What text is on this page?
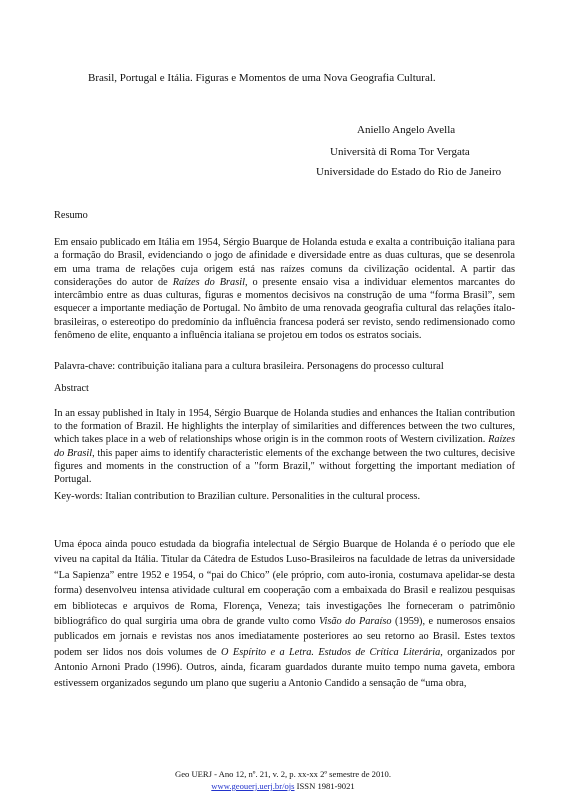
Brasil, Portugal e Itália. Figuras e Momentos de uma Nova Geografia Cultural.
Aniello Angelo Avella
Università di Roma Tor Vergata
Universidade do Estado do Rio de Janeiro
Resumo
Em ensaio publicado em Itália em 1954, Sérgio Buarque de Holanda estuda e exalta a contribuição italiana para a formação do Brasil, evidenciando o jogo de afinidade e diversidade entre as duas culturas, que se desenrola em uma trama de relações cuja origem está nas raízes comuns da civilização ocidental. A partir das considerações do autor de Raízes do Brasil, o presente ensaio visa a individuar elementos marcantes do intercâmbio entre as duas culturas, figuras e momentos decisivos na construção de uma “forma Brasil”, sem esquecer a importante mediação de Portugal. No âmbito de uma renovada geografia cultural das relações ítalo-brasileiras, o estereotipo do predomínio da influência francesa poderá ser revisto, sendo redimensionado como fenômeno de elite, enquanto a influência italiana se projetou em todos os estratos sociais.
Palavra-chave: contribuição italiana para a cultura brasileira. Personagens do processo cultural
Abstract
In an essay published in Italy in 1954, Sérgio Buarque de Holanda studies and enhances the Italian contribution to the formation of Brazil. He highlights the interplay of similarities and differences between the two cultures, which takes place in a web of relationships whose origin is in the common roots of Western civilization. Raízes do Brasil, this paper aims to identify characteristic elements of the exchange between the two cultures, decisive figures and moments in the construction of a "form Brazil," without forgetting the important mediation of Portugal.
Key-words: Italian contribution to Brazilian culture. Personalities in the cultural process.
Uma época ainda pouco estudada da biografia intelectual de Sérgio Buarque de Holanda é o período que ele viveu na capital da Itália. Titular da Cátedra de Estudos Luso-Brasileiros na faculdade de letras da universidade “La Sapienza” entre 1952 e 1954, o “pai do Chico” (ele próprio, com auto-ironia, costumava apelidar-se desta forma) desenvolveu intensa atividade cultural em cooperação com a embaixada do Brasil e realizou pesquisas em bibliotecas e arquivos de Roma, Florença, Veneza; tais investigações lhe forneceram o patrimônio bibliográfico do qual surgiria uma obra de grande vulto como Visão do Paraíso (1959), e numerosos ensaios publicados em jornais e revistas nos anos imediatamente posteriores ao seu retorno ao Brasil. Estes textos podem ser lidos nos dois volumes de O Espírito e a Letra. Estudos de Crítica Literária, organizados por Antonio Arnoni Prado (1996). Outros, ainda, ficaram guardados durante muito tempo numa gaveta, embora estivessem organizados segundo um plano que sugeriu a Antonio Candido a sensação de “uma obra,
Geo UERJ - Ano 12, nº. 21, v. 2, p. xx-xx 2º semestre de 2010.
www.geouerj.uerj.br/ojs ISSN 1981-9021
